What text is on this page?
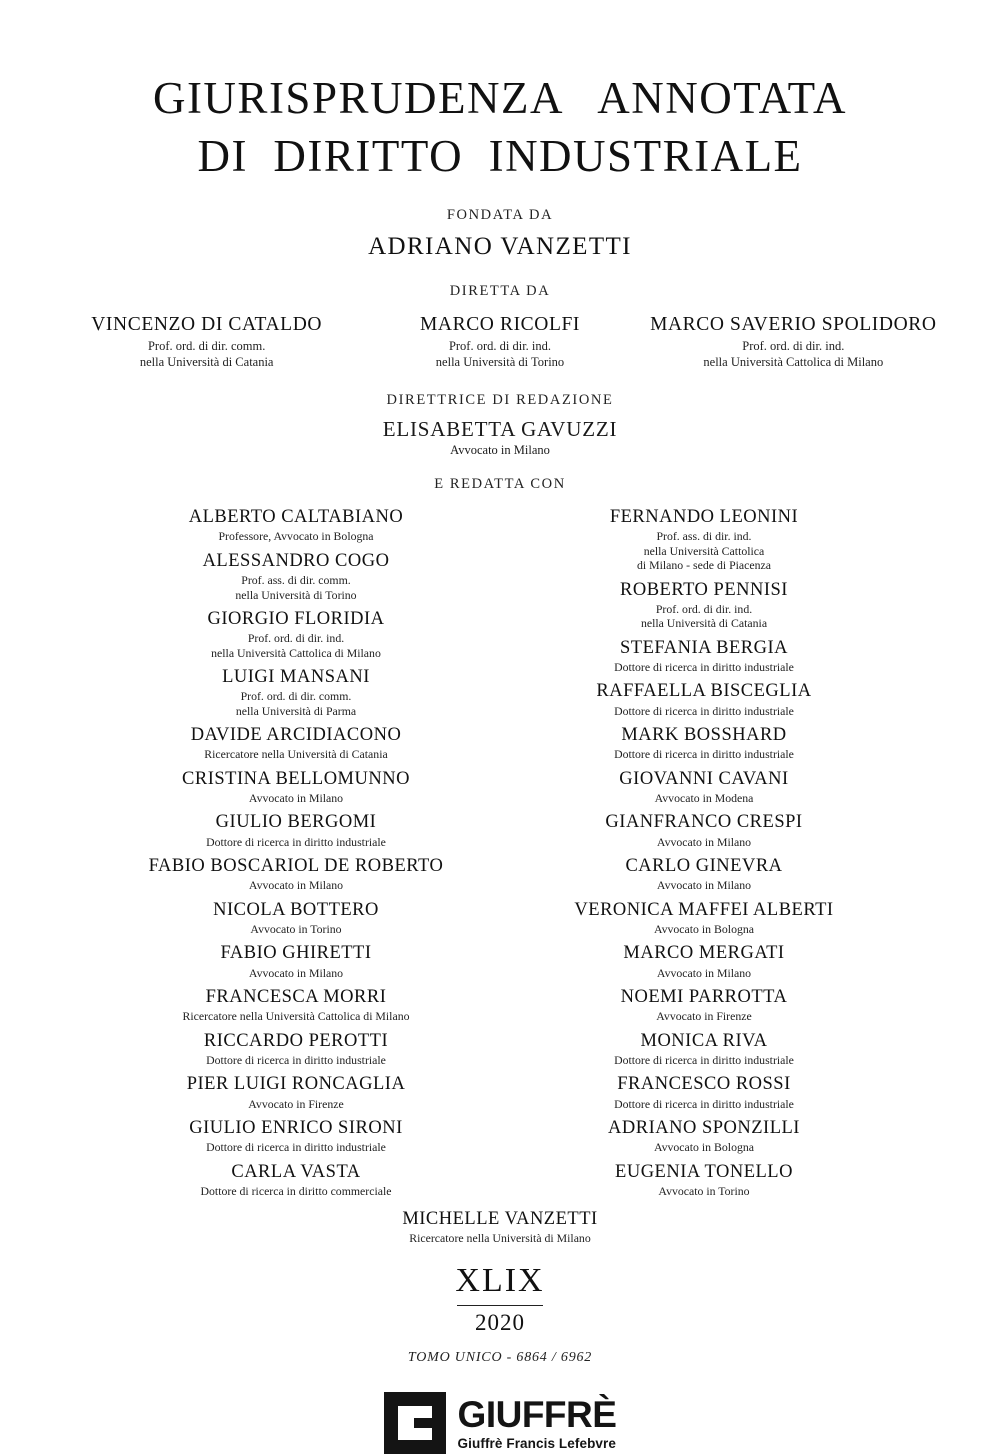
GIURISPRUDENZA   ANNOTATA
DI  DIRITTO  INDUSTRIALE
FONDATA DA
ADRIANO VANZETTI
DIRETTA DA
VINCENZO DI CATALDO
Prof. ord. di dir. comm.
nella Università di Catania
MARCO RICOLFI
Prof. ord. di dir. ind.
nella Università di Torino
MARCO SAVERIO SPOLIDORO
Prof. ord. di dir. ind.
nella Università Cattolica di Milano
DIRETTRICE DI REDAZIONE
ELISABETTA GAVUZZI
Avvocato in Milano
E REDATTA CON
ALBERTO CALTABIANO
Professore, Avvocato in Bologna
ALESSANDRO COGO
Prof. ass. di dir. comm.
nella Università di Torino
GIORGIO FLORIDIA
Prof. ord. di dir. ind.
nella Università Cattolica di Milano
LUIGI MANSANI
Prof. ord. di dir. comm.
nella Università di Parma
DAVIDE ARCIDIACONO
Ricercatore nella Università di Catania
CRISTINA BELLOMUNNO
Avvocato in Milano
GIULIO BERGOMI
Dottore di ricerca in diritto industriale
FABIO BOSCARIOL DE ROBERTO
Avvocato in Milano
NICOLA BOTTERO
Avvocato in Torino
FABIO GHIRETTI
Avvocato in Milano
FRANCESCA MORRI
Ricercatore nella Università Cattolica di Milano
RICCARDO PEROTTI
Dottore di ricerca in diritto industriale
PIER LUIGI RONCAGLIA
Avvocato in Firenze
GIULIO ENRICO SIRONI
Dottore di ricerca in diritto industriale
CARLA VASTA
Dottore di ricerca in diritto commerciale
FERNANDO LEONINI
Prof. ass. di dir. ind.
nella Università Cattolica
di Milano - sede di Piacenza
ROBERTO PENNISI
Prof. ord. di dir. ind.
nella Università di Catania
STEFANIA BERGIA
Dottore di ricerca in diritto industriale
RAFFAELLA BISCEGLIA
Dottore di ricerca in diritto industriale
MARK BOSSHARD
Dottore di ricerca in diritto industriale
GIOVANNI CAVANI
Avvocato in Modena
GIANFRANCO CRESPI
Avvocato in Milano
CARLO GINEVRA
Avvocato in Milano
VERONICA MAFFEI ALBERTI
Avvocato in Bologna
MARCO MERGATI
Avvocato in Milano
NOEMI PARROTTA
Avvocato in Firenze
MONICA RIVA
Dottore di ricerca in diritto industriale
FRANCESCO ROSSI
Dottore di ricerca in diritto industriale
ADRIANO SPONZILLI
Avvocato in Bologna
EUGENIA TONELLO
Avvocato in Torino
MICHELLE VANZETTI
Ricercatore nella Università di Milano
XLIX
2020
TOMO UNICO - 6864 / 6962
GIUFFRÈ
Giuffrè Francis Lefebvre
